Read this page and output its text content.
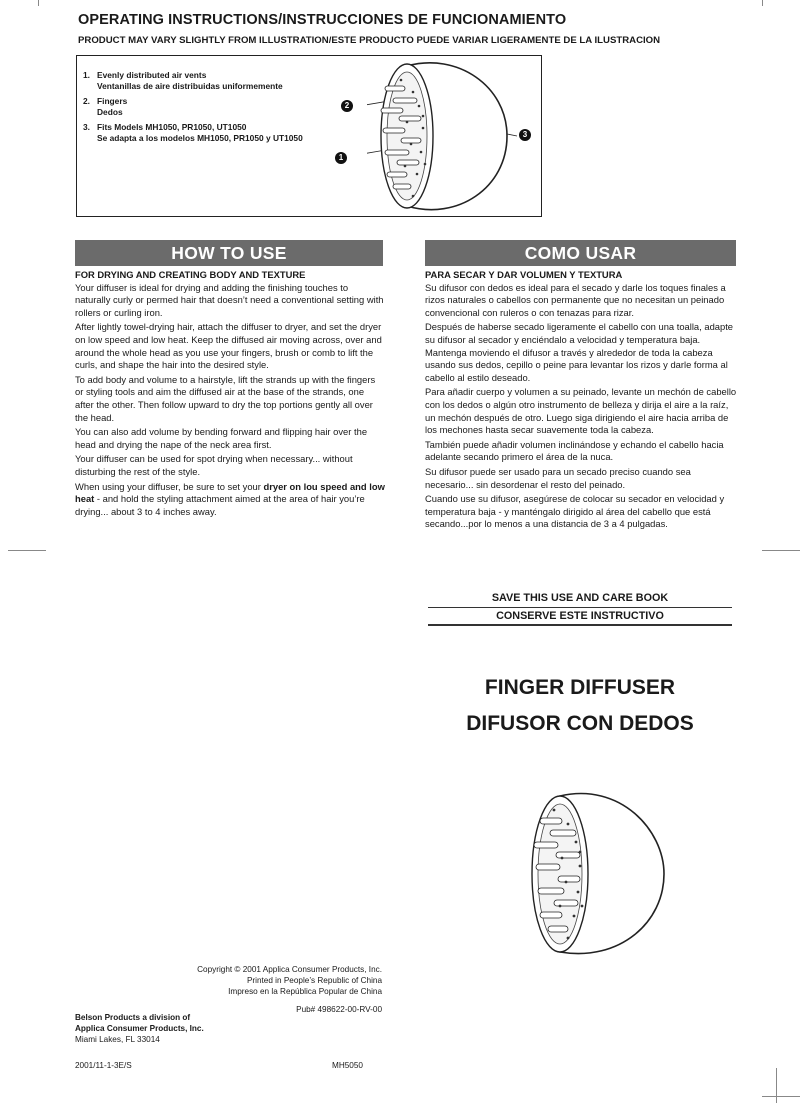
OPERATING INSTRUCTIONS/INSTRUCCIONES DE FUNCIONAMIENTO
PRODUCT MAY VARY SLIGHTLY FROM ILLUSTRATION/ESTE PRODUCTO PUEDE VARIAR LIGERAMENTE DE LA ILUSTRACION
1. Evenly distributed air vents
Ventanillas de aire distribuidas uniformemente
2. Fingers
Dedos
3. Fits Models MH1050, PR1050, UT1050
Se adapta a los modelos MH1050, PR1050 y UT1050
2
1
3
HOW TO USE
FOR DRYING AND CREATING BODY AND TEXTURE

Your diffuser is ideal for drying and adding the finishing touches to naturally curly or permed hair that doesn’t need a conventional setting with rollers or curling iron.

After lightly towel-drying hair, attach the diffuser to dryer, and set the dryer on low speed and low heat. Keep the diffused air moving across, over and around the whole head as you use your fingers, brush or comb to lift the curls, and shape the hair into the desired style.

To add body and volume to a hairstyle, lift the strands up with the fingers or styling tools and aim the diffused air at the base of the strands, one after the other. Then follow upward to dry the top portions gently all over the head.

You can also add volume by bending forward and flipping hair over the head and drying the nape of the neck area first.

Your diffuser can be used for spot drying when necessary... without disturbing the rest of the style.

When using your diffuser, be sure to set your dryer on lou speed and low heat - and hold the styling attachment aimed at the area of hair you’re drying... about 3 to 4 inches away.

COMO USAR
PARA SECAR Y DAR VOLUMEN Y TEXTURA

Su difusor con dedos es ideal para el secado y darle los toques finales a rizos naturales o cabellos con permanente que no necesitan un peinado convencional con ruleros o con tenazas para rizar.

Después de haberse secado ligeramente el cabello con una toalla, adapte su difusor al secador y enciéndalo a velocidad y temperatura baja. Mantenga moviendo el difusor a través y alrededor de toda la cabeza usando sus dedos, cepillo o peine para levantar los rizos y darle forma al cabello al estilo deseado.

Para añadir cuerpo y volumen a su peinado, levante un mechón de cabello con los dedos o algún otro instrumento de belleza y dirija el aire a la raíz, un mechón después de otro. Luego siga dirigiendo el aire hacia arriba de los mechones hasta secar suavemente toda la cabeza.

También puede añadir volumen inclinándose y echando el cabello hacia adelante secando primero el área de la nuca.

Su difusor puede ser usado para un secado preciso cuando sea necesario... sin desordenar el resto del peinado.

Cuando use su difusor, asegúrese de colocar su secador en velocidad y temperatura baja - y manténgalo dirigido al área del cabello que está secando...por lo menos a una distancia de 3 a 4 pulgadas.

SAVE THIS USE AND CARE BOOK
CONSERVE ESTE INSTRUCTIVO
FINGER DIFFUSER
DIFUSOR CON DEDOS
Copyright © 2001 Applica Consumer Products, Inc.
Printed in People’s Republic of China
Impreso en la República Popular de China
Pub# 498622-00-RV-00
Belson Products a division of
Applica Consumer Products, Inc.
Miami Lakes, FL 33014
2001/11-1-3E/S	MH5050
